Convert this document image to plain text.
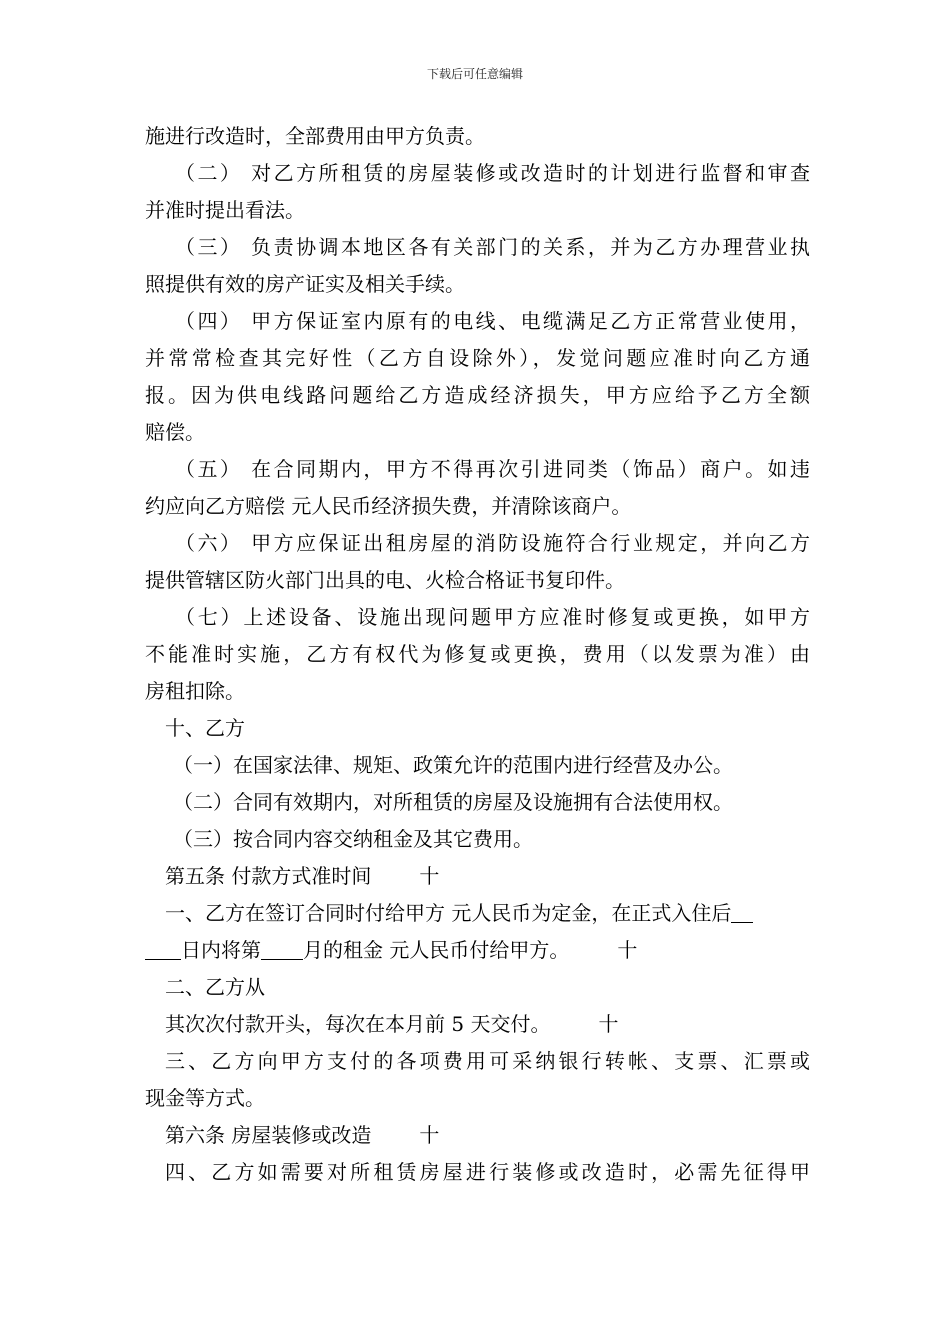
下载后可任意编辑
施进行改造时，全部费用由甲方负责。
（二） 对乙方所租赁的房屋装修或改造时的计划进行监督和审查
并准时提出看法。
（三） 负责协调本地区各有关部门的关系，并为乙方办理营业执
照提供有效的房产证实及相关手续。
（四） 甲方保证室内原有的电线、电缆满足乙方正常营业使用，
并常常检查其完好性（乙方自设除外），发觉问题应准时向乙方通
报。因为供电线路问题给乙方造成经济损失，甲方应给予乙方全额
赔偿。
（五） 在合同期内，甲方不得再次引进同类（饰品）商户。如违
约应向乙方赔偿 元人民币经济损失费，并清除该商户。
（六） 甲方应保证出租房屋的消防设施符合行业规定，并向乙方
提供管辖区防火部门出具的电、火检合格证书复印件。
（七）上述设备、设施出现问题甲方应准时修复或更换，如甲方
不能准时实施，乙方有权代为修复或更换，费用（以发票为准）由
房租扣除。
十、乙方
（一）在国家法律、规矩、政策允许的范围内进行经营及办公。
（二）合同有效期内，对所租赁的房屋及设施拥有合法使用权。
（三）按合同内容交纳租金及其它费用。
第五条 付款方式准时间 十
一、乙方在签订合同时付给甲方 元人民币为定金，在正式入住后
日内将第 月的租金 元人民币付给甲方。 十
二、乙方从
其次次付款开头，每次在本月前 5 天交付。 十
三、乙方向甲方支付的各项费用可采纳银行转帐、支票、汇票或
现金等方式。
第六条 房屋装修或改造 十
四、乙方如需要对所租赁房屋进行装修或改造时，必需先征得甲
